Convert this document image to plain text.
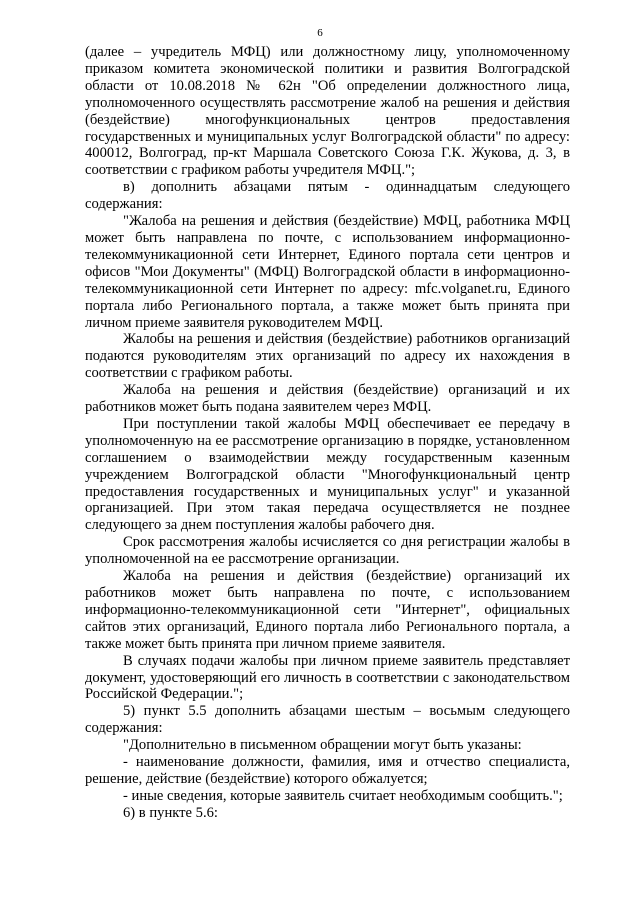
6

(далее – учредитель МФЦ) или должностному лицу, уполномоченному приказом комитета экономической политики и развития Волгоградской области от 10.08.2018 № 62н "Об определении должностного лица, уполномоченного осуществлять рассмотрение жалоб на решения и действия (бездействие) многофункциональных центров предоставления государственных и муниципальных услуг Волгоградской области" по адресу: 400012, Волгоград, пр-кт Маршала Советского Союза Г.К. Жукова, д. 3, в соответствии с графиком работы учредителя МФЦ.";

в) дополнить абзацами пятым - одиннадцатым следующего содержания:

"Жалоба на решения и действия (бездействие) МФЦ, работника МФЦ может быть направлена по почте, с использованием информационно-телекоммуникационной сети Интернет, Единого портала сети центров и офисов "Мои Документы" (МФЦ) Волгоградской области в информационно-телекоммуникационной сети Интернет по адресу: mfc.volganet.ru, Единого портала либо Регионального портала, а также может быть принята при личном приеме заявителя руководителем МФЦ.

Жалобы на решения и действия (бездействие) работников организаций подаются руководителям этих организаций по адресу их нахождения в соответствии с графиком работы.

Жалоба на решения и действия (бездействие) организаций и их работников может быть подана заявителем через МФЦ.

При поступлении такой жалобы МФЦ обеспечивает ее передачу в уполномоченную на ее рассмотрение организацию в порядке, установленном соглашением о взаимодействии между государственным казенным учреждением Волгоградской области "Многофункциональный центр предоставления государственных и муниципальных услуг" и указанной организацией. При этом такая передача осуществляется не позднее следующего за днем поступления жалобы рабочего дня.

Срок рассмотрения жалобы исчисляется со дня регистрации жалобы в уполномоченной на ее рассмотрение организации.

Жалоба на решения и действия (бездействие) организаций их работников может быть направлена по почте, с использованием информационно-телекоммуникационной сети "Интернет", официальных сайтов этих организаций, Единого портала либо Регионального портала, а также может быть принята при личном приеме заявителя.

В случаях подачи жалобы при личном приеме заявитель представляет документ, удостоверяющий его личность в соответствии с законодательством Российской Федерации.";

5) пункт 5.5 дополнить абзацами шестым – восьмым следующего содержания:

"Дополнительно в письменном обращении могут быть указаны:

- наименование должности, фамилия, имя и отчество специалиста, решение, действие (бездействие) которого обжалуется;

- иные сведения, которые заявитель считает необходимым сообщить.";

6) в пункте 5.6:
